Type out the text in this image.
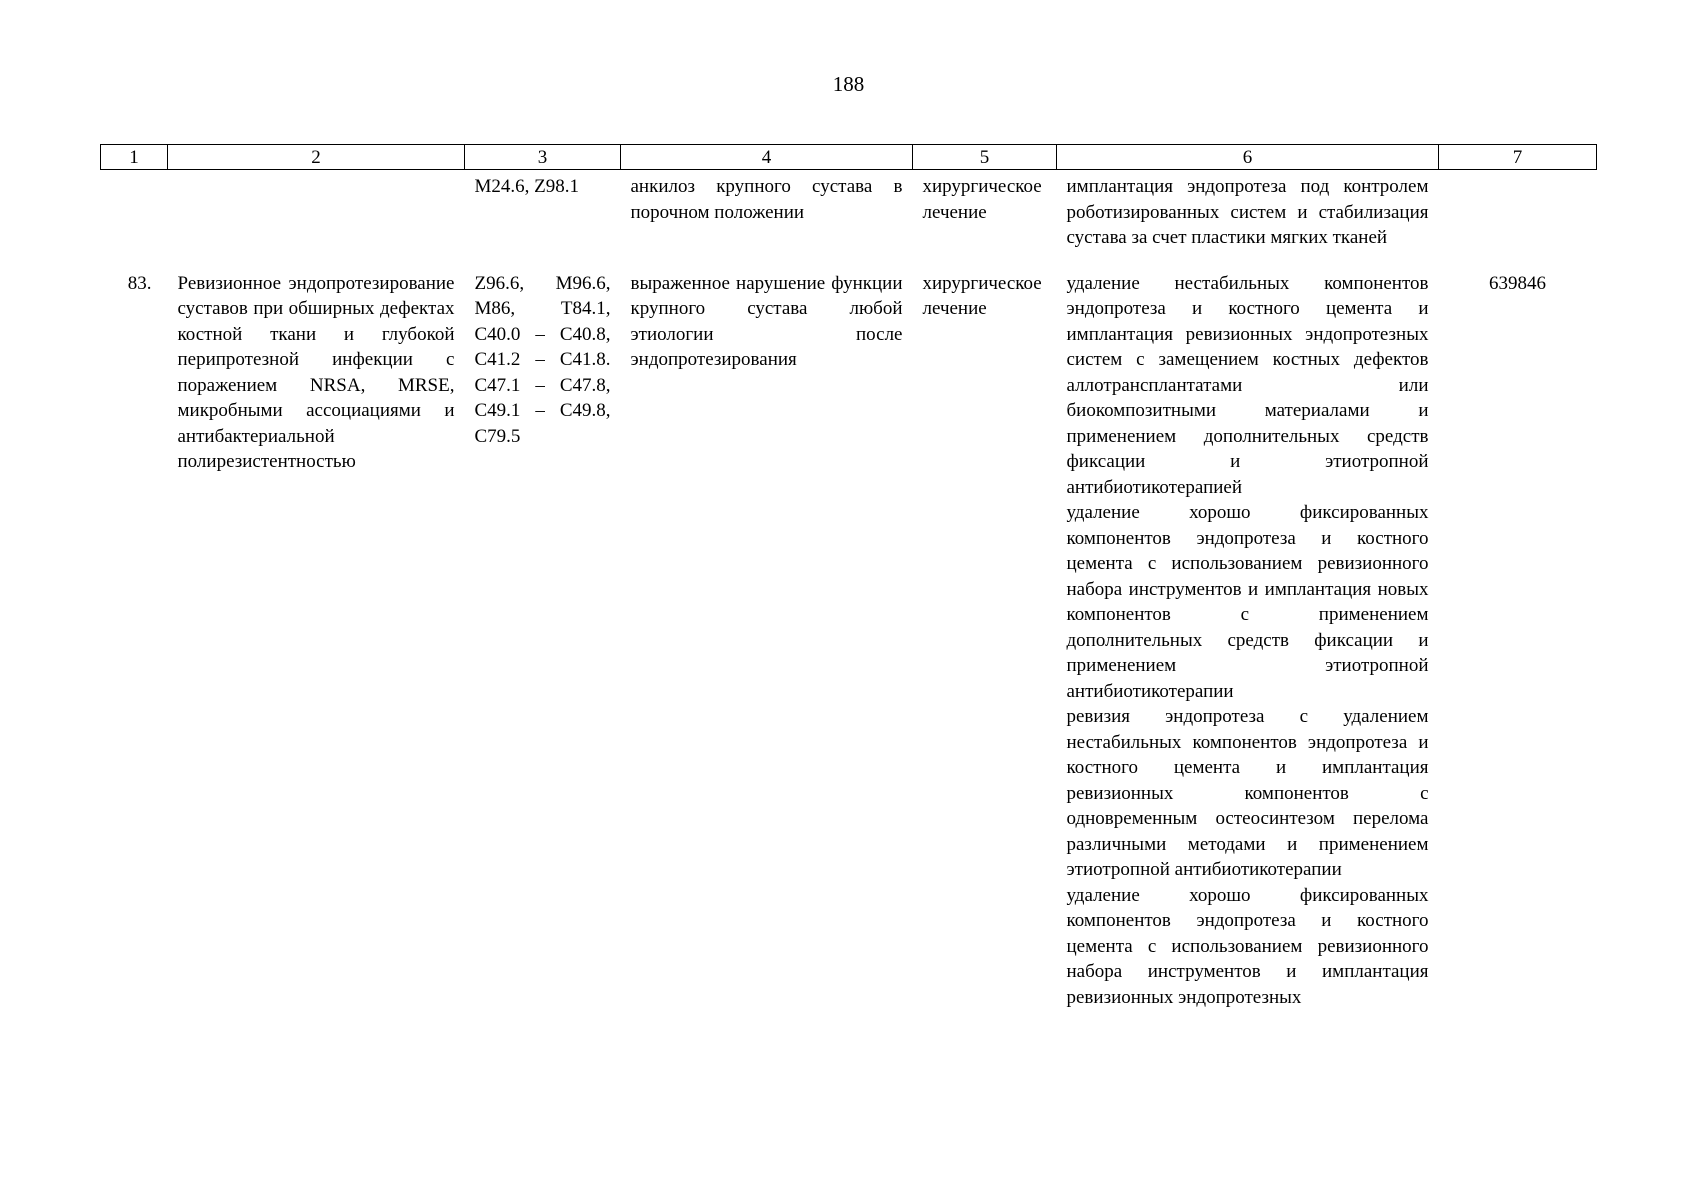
188
1	2	3	4	5	6	7
		M24.6, Z98.1	анкилоз крупного сустава в порочном положении	хирургическое лечение	имплантация эндопротеза под контролем роботизированных систем и стабилизация сустава за счет пластики мягких тканей	
83.	Ревизионное эндопротезирование суставов при обширных дефектах костной ткани и глубокой перипротезной инфекции с поражением NRSA, MRSE, микробными ассоциациями и антибактериальной полирезистентностью	Z96.6, M96.6, M86, T84.1, C40.0 – C40.8, C41.2 – C41.8. C47.1 – C47.8, C49.1 – C49.8, C79.5	выраженное нарушение функции крупного сустава любой этиологии после эндопротезирования	хирургическое лечение	удаление нестабильных компонентов эндопротеза и костного цемента и имплантация ревизионных эндопротезных систем с замещением костных дефектов аллотрансплантатами или биокомпозитными материалами и применением дополнительных средств фиксации и этиотропной антибиотикотерапией
удаление хорошо фиксированных компонентов эндопротеза и костного цемента с использованием ревизионного набора инструментов и имплантация новых компонентов с применением дополнительных средств фиксации и применением этиотропной антибиотикотерапии
ревизия эндопротеза с удалением нестабильных компонентов эндопротеза и костного цемента и имплантация ревизионных компонентов с одновременным остеосинтезом перелома различными методами и применением этиотропной антибиотикотерапии
удаление хорошо фиксированных компонентов эндопротеза и костного цемента с использованием ревизионного набора инструментов и имплантация ревизионных эндопротезных	639846
